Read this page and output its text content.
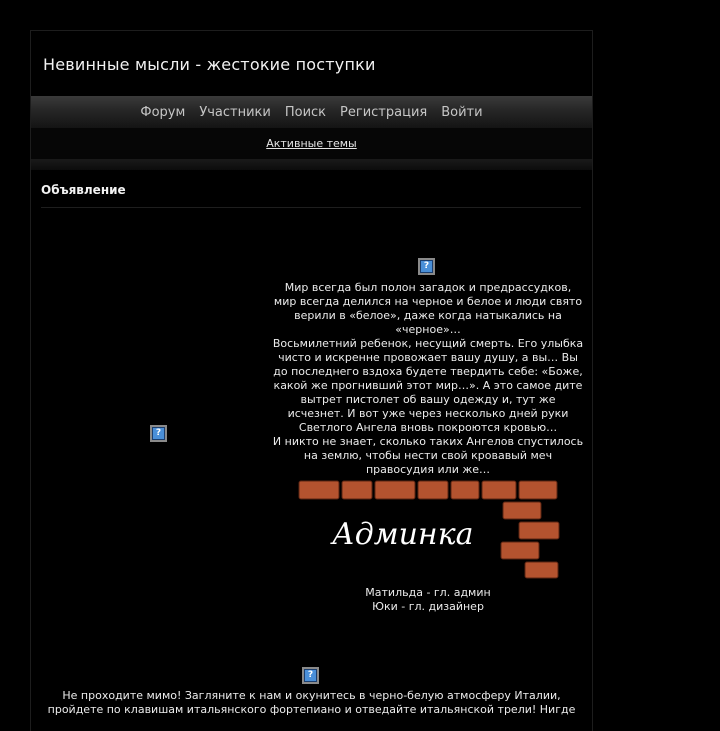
Невинные мысли - жестокие поступки
Форум	Участники	Поиск	Регистрация	Войти
Активные темы
Объявление
?
?
?

Мир всегда был полон загадок и предрассудков, мир всегда делился на черное и белое и люди свято верили в «белое», даже когда натыкались на «черное»…

Восьмилетний ребенок, несущий смерть. Его улыбка чисто и искренне провожает вашу душу, а вы… Вы до последнего вздоха будете твердить себе: «Боже, какой же прогнивший этот мир…». А это самое дите вытрет пистолет об вашу одежду и, тут же исчезнет. И вот уже через несколько дней руки Светлого Ангела вновь покроются кровью…

И никто не знает, сколько таких Ангелов спустилось на землю, чтобы нести свой кровавый меч правосудия или же…

Админка

Матильда - гл. админ

Юки - гл. дизайнер

Не проходите мимо! Загляните к нам и окунитесь в черно-белую атмосферу Италии, пройдете по клавишам итальянского фортепиано и отведайте итальянской трели! Нигде
